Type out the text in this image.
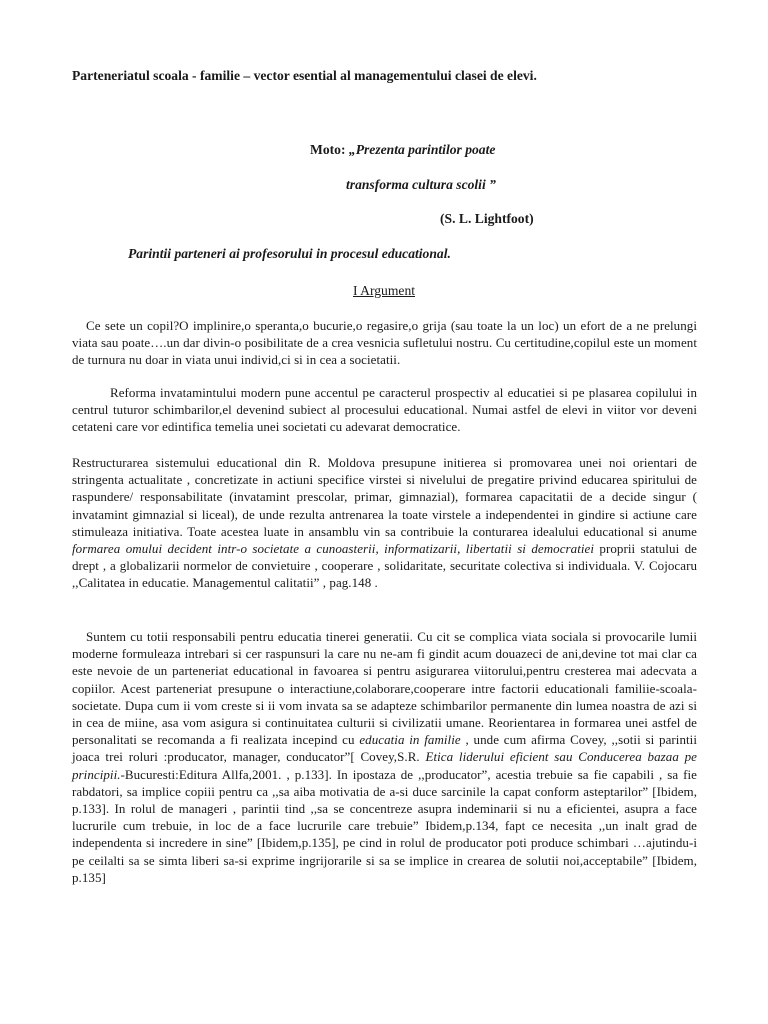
Parteneriatul scoala - familie – vector esential al managementului clasei de elevi.
Moto: „Prezenta parintilor poate
transforma cultura scolii ”
(S. L. Lightfoot)
Parintii parteneri ai profesorului in procesul educational.
I Argument

Ce sete un copil?O implinire,o speranta,o bucurie,o regasire,o grija (sau toate la un loc) un efort de a ne prelungi viata sau poate….un dar divin-o posibilitate de a crea vesnicia sufletului nostru. Cu certitudine,copilul este un moment de turnura nu doar in viata unui individ,ci si in cea a societatii.

Reforma invatamintului modern pune accentul pe caracterul prospectiv al educatiei si pe plasarea copilului in centrul tuturor schimbarilor,el devenind subiect al procesului educational. Numai astfel de elevi in viitor vor deveni cetateni care vor edintifica temelia unei societati cu adevarat democratice.

Restructurarea sistemului educational din R. Moldova presupune initierea si promovarea unei noi orientari de stringenta actualitate , concretizate in actiuni specifice virstei si nivelului de pregatire privind educarea spiritului de raspundere/ responsabilitate (invatamint prescolar, primar, gimnazial), formarea capacitatii de a decide singur ( invatamint gimnazial si liceal), de unde rezulta antrenarea la toate virstele a independentei in gindire si actiune care stimuleaza initiativa. Toate acestea luate in ansamblu vin sa contribuie la conturarea idealului educational si anume formarea omului decident intr-o societate a cunoasterii, informatizarii, libertatii si democratiei proprii statului de drept , a globalizarii normelor de convietuire , cooperare , solidaritate, securitate colectiva si individuala. V. Cojocaru ,,Calitatea in educatie. Managementul calitatii” , pag.148 .

Suntem cu totii responsabili pentru educatia tinerei generatii. Cu cit se complica viata sociala si provocarile lumii moderne formuleaza intrebari si cer raspunsuri la care nu ne-am fi gindit acum douazeci de ani,devine tot mai clar ca este nevoie de un parteneriat educational in favoarea si pentru asigurarea viitorului,pentru cresterea mai adecvata a copiilor. Acest parteneriat presupune o interactiune,colaborare,cooperare intre factorii educationali familiie-scoala-societate. Dupa cum ii vom creste si ii vom invata sa se adapteze schimbarilor permanente din lumea noastra de azi si in cea de miine, asa vom asigura si continuitatea culturii si civilizatii umane. Reorientarea in formarea unei astfel de personalitati se recomanda a fi realizata incepind cu educatia in familie , unde cum afirma Covey, ,,sotii si parintii joaca trei roluri :producator, manager, conducator”[ Covey,S.R. Etica liderului eficient sau Conducerea bazaa pe principii.-Bucuresti:Editura Allfa,2001. , p.133]. In ipostaza de ,,producator”, acestia trebuie sa fie capabili , sa fie rabdatori, sa implice copiii pentru ca ,,sa aiba motivatia de a-si duce sarcinile la capat conform asteptarilor” [Ibidem, p.133]. In rolul de manageri , parintii tind ,,sa se concentreze asupra indeminarii si nu a eficientei, asupra a face lucrurile cum trebuie, in loc de a face lucrurile care trebuie” Ibidem,p.134, fapt ce necesita ,,un inalt grad de independenta si incredere in sine” [Ibidem,p.135], pe cind in rolul de producator poti produce schimbari …ajutindu-i pe ceilalti sa se simta liberi sa-si exprime ingrijorarile si sa se implice in crearea de solutii noi,acceptabile” [Ibidem, p.135]
